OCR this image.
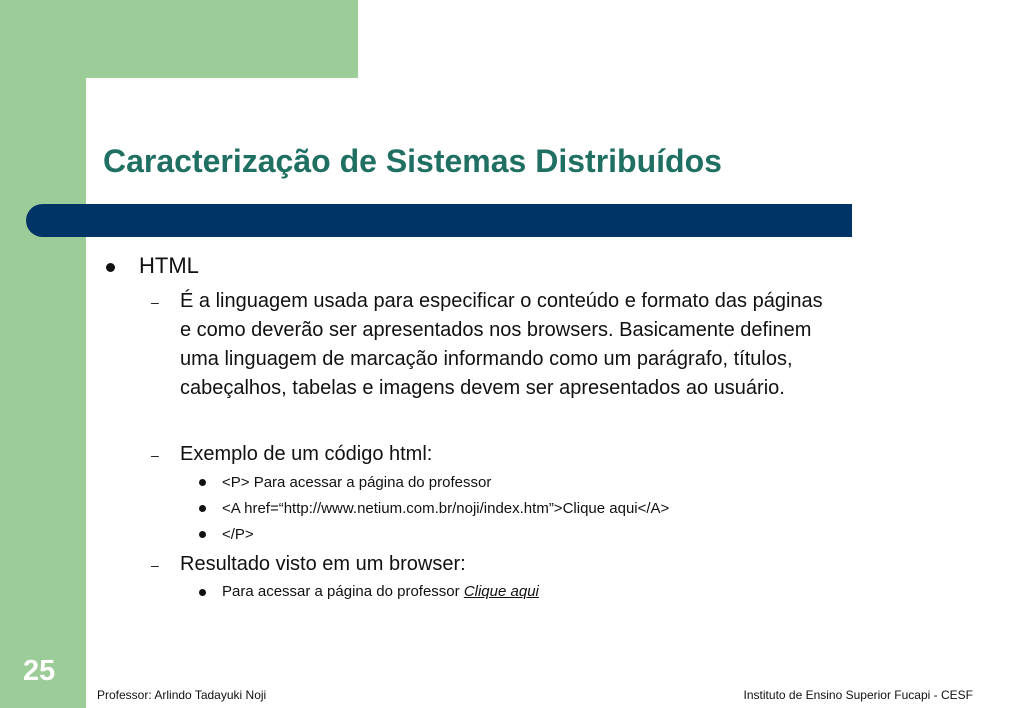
Caracterização de Sistemas Distribuídos
HTML
– É a linguagem usada para especificar o conteúdo e formato das páginas
e como deverão ser apresentados nos browsers. Basicamente definem
uma linguagem de marcação informando como um parágrafo, títulos,
cabeçalhos, tabelas e imagens devem ser apresentados ao usuário.
– Exemplo de um código html:
<P> Para acessar a página do professor
<A href=“http://www.netium.com.br/noji/index.htm”>Clique aqui</A>
</P>
– Resultado visto em um browser:
Para acessar a página do professor Clique aqui
25
Professor: Arlindo Tadayuki Noji	Instituto de Ensino Superior Fucapi - CESF
